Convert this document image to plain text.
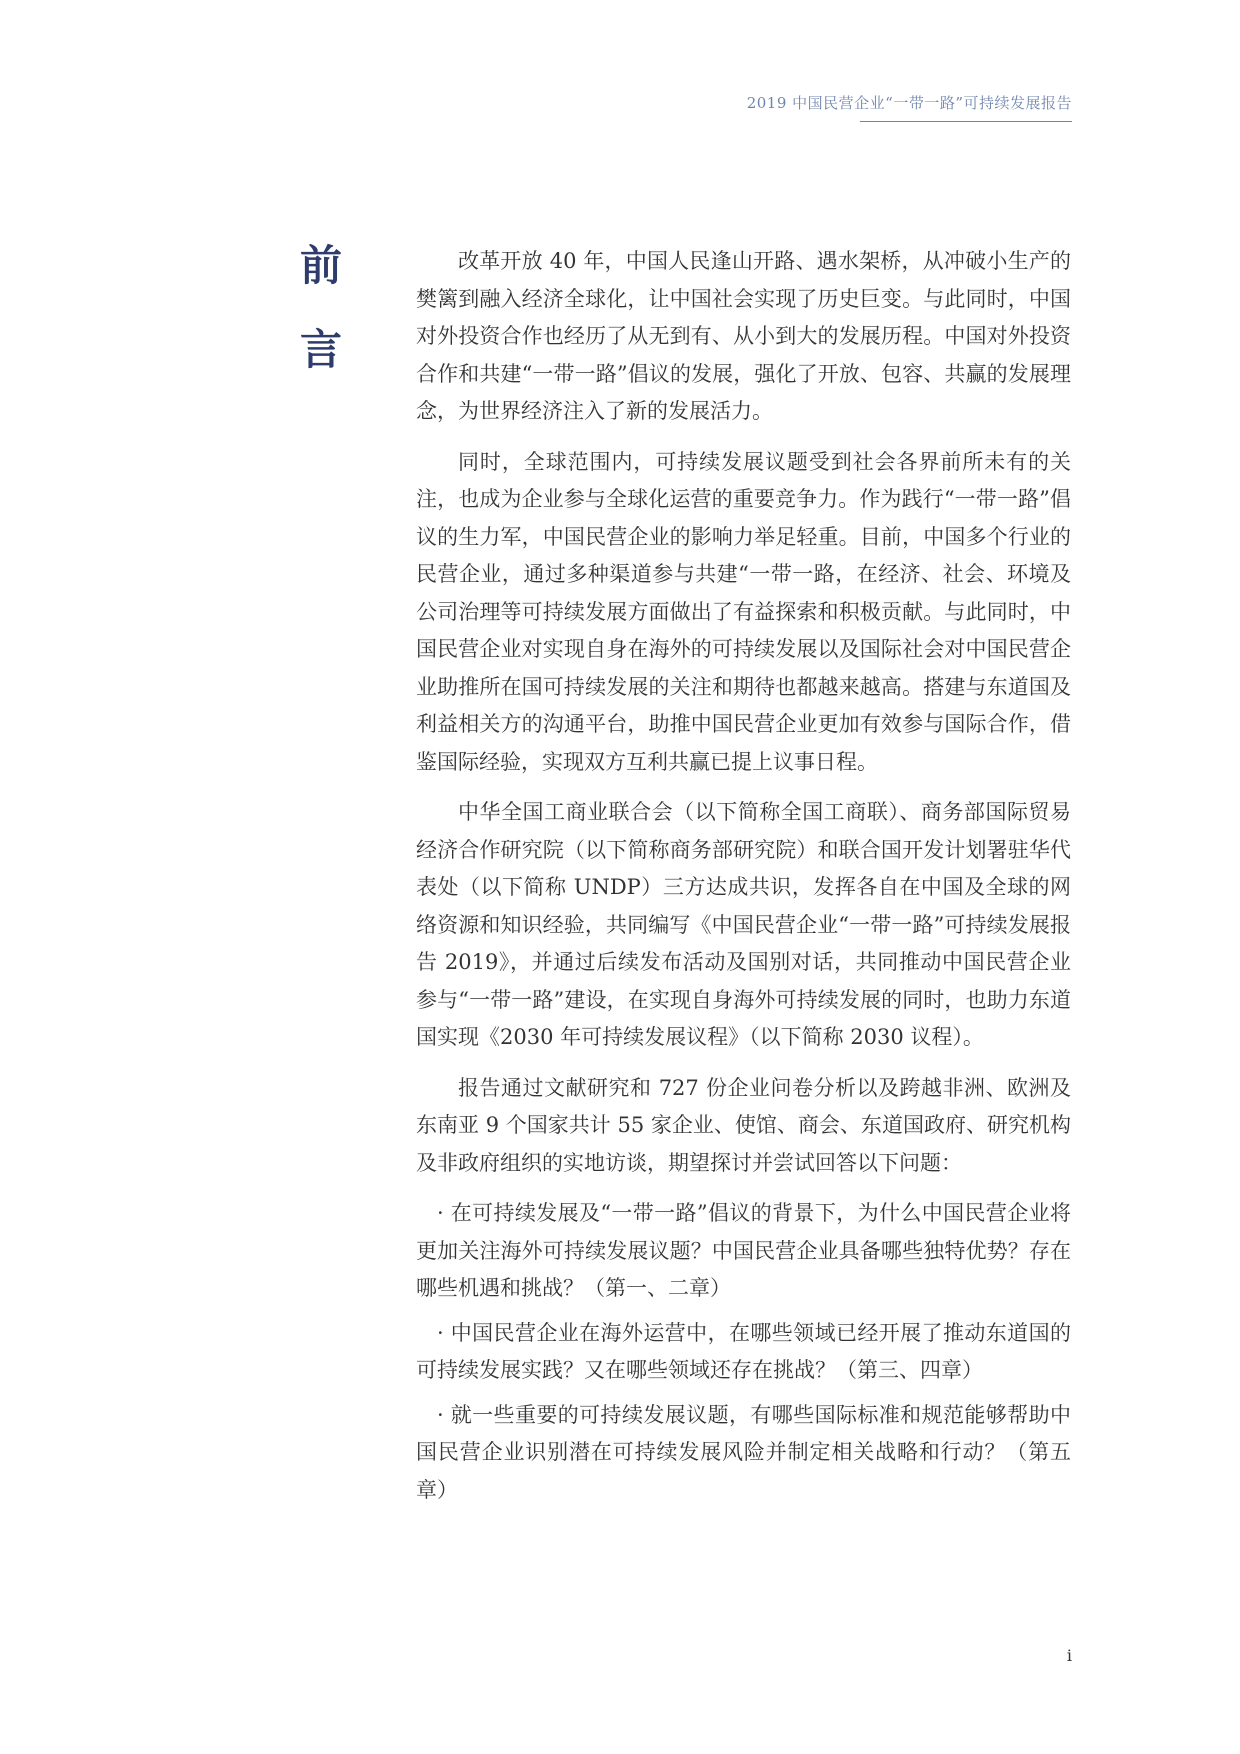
2019 中国民营企业“一带一路”可持续发展报告
前
言

改革开放 40 年，中国人民逢山开路、遇水架桥，从冲破小生产的樊篱到融入经济全球化，让中国社会实现了历史巨变。与此同时，中国对外投资合作也经历了从无到有、从小到大的发展历程。中国对外投资合作和共建“一带一路”倡议的发展，强化了开放、包容、共赢的发展理念，为世界经济注入了新的发展活力。

同时，全球范围内，可持续发展议题受到社会各界前所未有的关注，也成为企业参与全球化运营的重要竞争力。作为践行“一带一路”倡议的生力军，中国民营企业的影响力举足轻重。目前，中国多个行业的民营企业，通过多种渠道参与共建“一带一路，在经济、社会、环境及公司治理等可持续发展方面做出了有益探索和积极贡献。与此同时，中国民营企业对实现自身在海外的可持续发展以及国际社会对中国民营企业助推所在国可持续发展的关注和期待也都越来越高。搭建与东道国及利益相关方的沟通平台，助推中国民营企业更加有效参与国际合作，借鉴国际经验，实现双方互利共赢已提上议事日程。

中华全国工商业联合会（以下简称全国工商联）、商务部国际贸易经济合作研究院（以下简称商务部研究院）和联合国开发计划署驻华代表处（以下简称 UNDP）三方达成共识，发挥各自在中国及全球的网络资源和知识经验，共同编写《中国民营企业“一带一路”可持续发展报告 2019》，并通过后续发布活动及国别对话，共同推动中国民营企业参与“一带一路”建设，在实现自身海外可持续发展的同时，也助力东道国实现《2030 年可持续发展议程》（以下简称 2030 议程）。

报告通过文献研究和 727 份企业问卷分析以及跨越非洲、欧洲及东南亚 9 个国家共计 55 家企业、使馆、商会、东道国政府、研究机构及非政府组织的实地访谈，期望探讨并尝试回答以下问题：

· 在可持续发展及“一带一路”倡议的背景下，为什么中国民营企业将更加关注海外可持续发展议题？中国民营企业具备哪些独特优势？存在哪些机遇和挑战？（第一、二章）

· 中国民营企业在海外运营中，在哪些领域已经开展了推动东道国的可持续发展实践？又在哪些领域还存在挑战？（第三、四章）

· 就一些重要的可持续发展议题，有哪些国际标准和规范能够帮助中国民营企业识别潜在可持续发展风险并制定相关战略和行动？（第五章）

i
